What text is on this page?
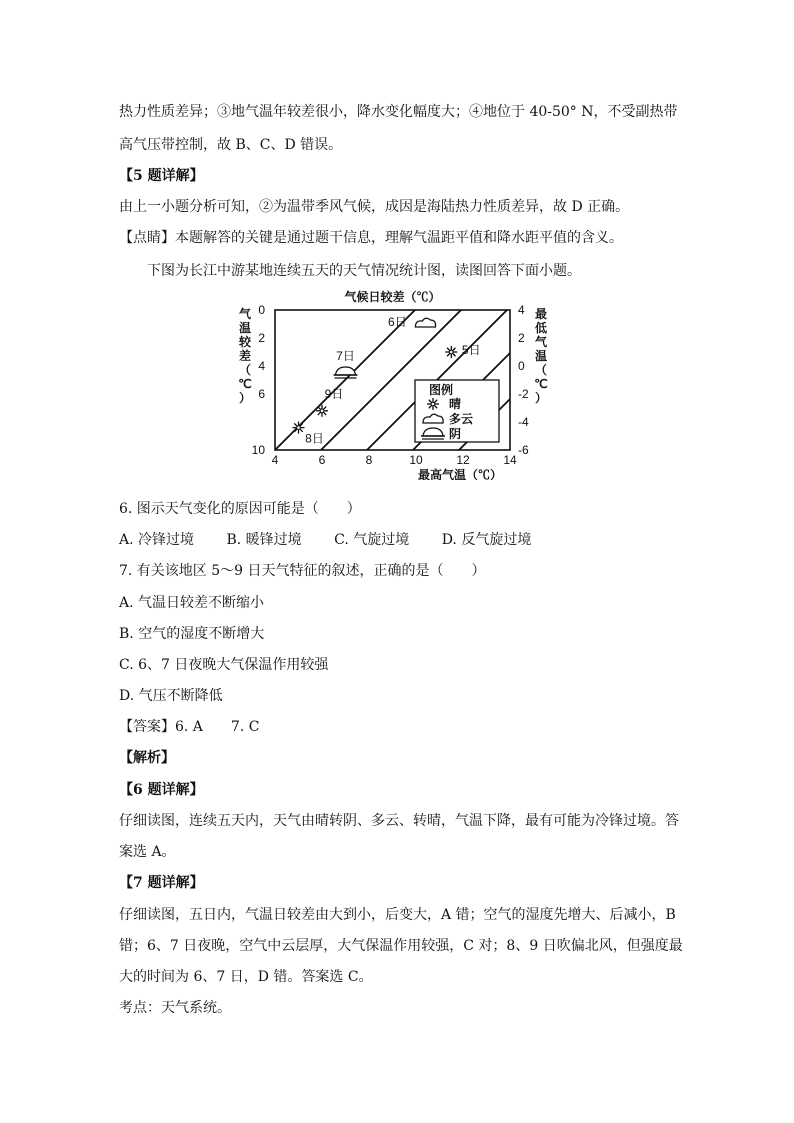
热力性质差异；③地气温年较差很小，降水变化幅度大；④地位于 40-50° N，不受副热带
高气压带控制，故 B、C、D 错误。
【5 题详解】
由上一小题分析可知，②为温带季风气候，成因是海陆热力性质差异，故 D 正确。
【点睛】本题解答的关键是通过题干信息，理解气温距平值和降水距平值的含义。
下图为长江中游某地连续五天的天气情况统计图，读图回答下面小题。
气候日较差（℃）
4	6	8	10	12	14
最高气温（℃）
0
2
4
6
10
4
2
0
-2
-4
-6
气
温
较
差
（
℃
）
最
低
气
温
（
℃
）
5日
6日
7日
9日
8日
图例
晴
多云
阴
6. 图示天气变化的原因可能是（　　）
A. 冷锋过境 B. 暖锋过境 C. 气旋过境 D. 反气旋过境
7. 有关该地区 5～9 日天气特征的叙述，正确的是（　　）
A. 气温日较差不断缩小
B. 空气的湿度不断增大
C. 6、7 日夜晚大气保温作用较强
D. 气压不断降低
【答案】6. A　　7. C
【解析】
【6 题详解】
仔细读图，连续五天内，天气由晴转阴、多云、转晴，气温下降，最有可能为冷锋过境。答
案选 A。
【7 题详解】
仔细读图，五日内，气温日较差由大到小，后变大，A 错；空气的湿度先增大、后减小，B
错；6、7 日夜晚，空气中云层厚，大气保温作用较强，C 对；8、9 日吹偏北风，但强度最
大的时间为 6、7 日，D 错。答案选 C。
考点：天气系统。
